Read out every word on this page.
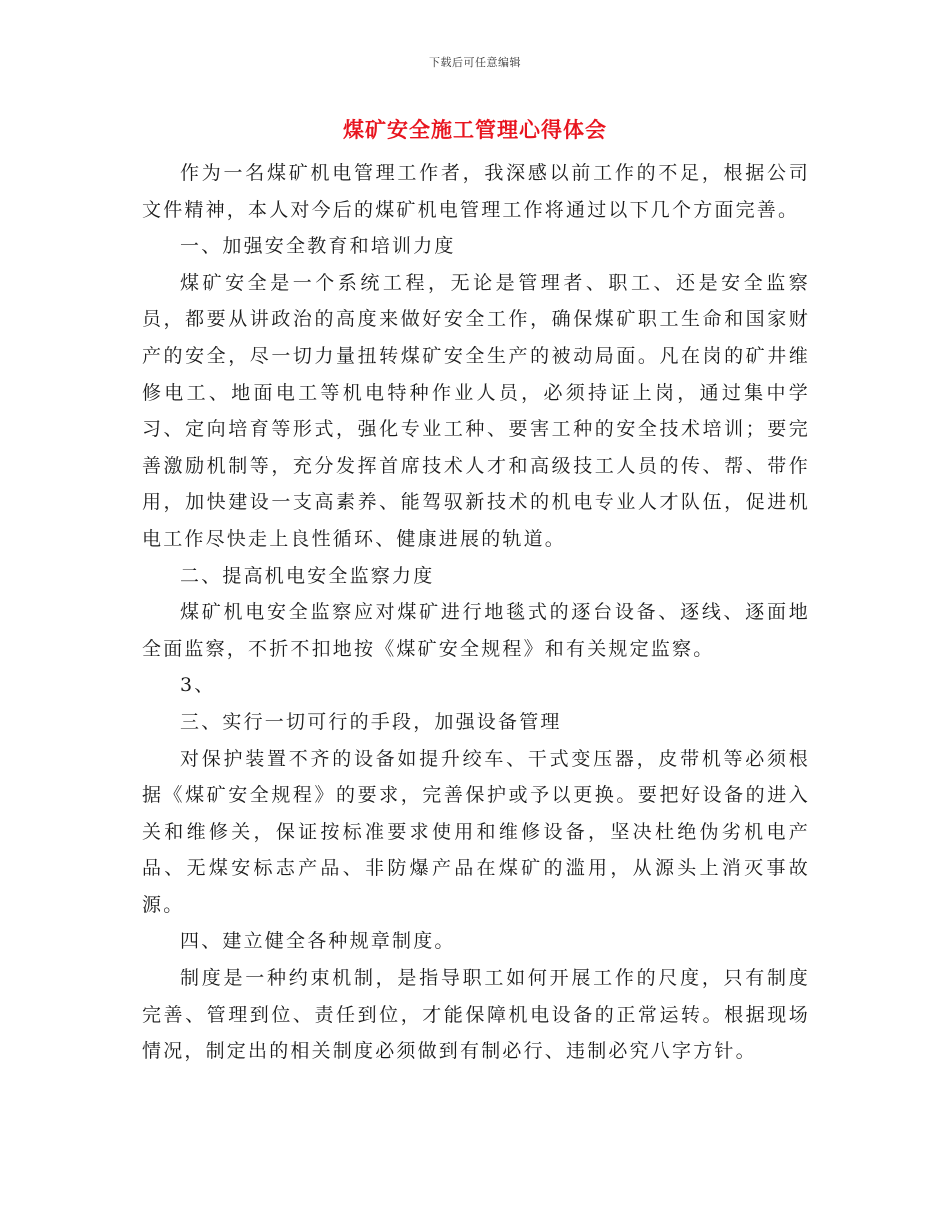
下载后可任意编辑
煤矿安全施工管理心得体会

作为一名煤矿机电管理工作者，我深感以前工作的不足，根据公司文件精神，本人对今后的煤矿机电管理工作将通过以下几个方面完善。

一、加强安全教育和培训力度

煤矿安全是一个系统工程，无论是管理者、职工、还是安全监察员，都要从讲政治的高度来做好安全工作，确保煤矿职工生命和国家财产的安全，尽一切力量扭转煤矿安全生产的被动局面。凡在岗的矿井维修电工、地面电工等机电特种作业人员，必须持证上岗，通过集中学习、定向培育等形式，强化专业工种、要害工种的安全技术培训；要完善激励机制等，充分发挥首席技术人才和高级技工人员的传、帮、带作用，加快建设一支高素养、能驾驭新技术的机电专业人才队伍，促进机电工作尽快走上良性循环、健康进展的轨道。

二、提高机电安全监察力度

煤矿机电安全监察应对煤矿进行地毯式的逐台设备、逐线、逐面地全面监察，不折不扣地按《煤矿安全规程》和有关规定监察。

3、

三、实行一切可行的手段，加强设备管理

对保护装置不齐的设备如提升绞车、干式变压器，皮带机等必须根据《煤矿安全规程》的要求，完善保护或予以更换。要把好设备的进入关和维修关，保证按标准要求使用和维修设备，坚决杜绝伪劣机电产品、无煤安标志产品、非防爆产品在煤矿的滥用，从源头上消灭事故源。

四、建立健全各种规章制度。

制度是一种约束机制，是指导职工如何开展工作的尺度，只有制度完善、管理到位、责任到位，才能保障机电设备的正常运转。根据现场情况，制定出的相关制度必须做到有制必行、违制必究八字方针。
